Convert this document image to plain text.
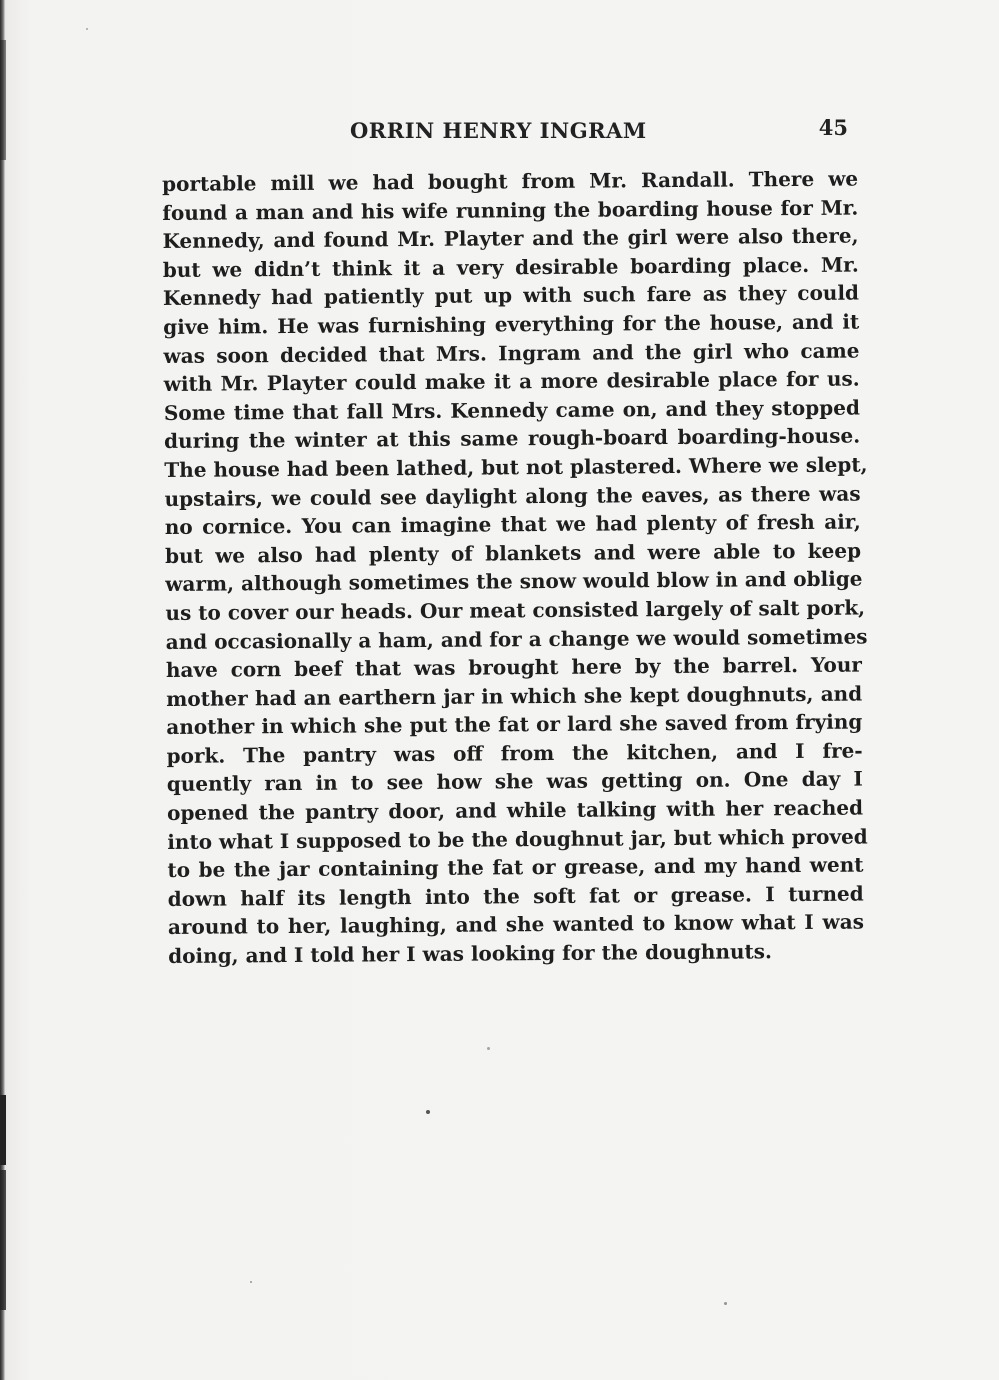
ORRIN HENRY INGRAM	45
portable mill we had bought from Mr. Randall. There we
found a man and his wife running the boarding house for Mr.
Kennedy, and found Mr. Playter and the girl were also there,
but we didn’t think it a very desirable boarding place. Mr.
Kennedy had patiently put up with such fare as they could
give him. He was furnishing everything for the house, and it
was soon decided that Mrs. Ingram and the girl who came
with Mr. Playter could make it a more desirable place for us.
Some time that fall Mrs. Kennedy came on, and they stopped
during the winter at this same rough-board boarding-house.
The house had been lathed, but not plastered. Where we slept,
upstairs, we could see daylight along the eaves, as there was
no cornice. You can imagine that we had plenty of fresh air,
but we also had plenty of blankets and were able to keep
warm, although sometimes the snow would blow in and oblige
us to cover our heads. Our meat consisted largely of salt pork,
and occasionally a ham, and for a change we would sometimes
have corn beef that was brought here by the barrel. Your
mother had an earthern jar in which she kept doughnuts, and
another in which she put the fat or lard she saved from frying
pork. The pantry was off from the kitchen, and I fre-
quently ran in to see how she was getting on. One day I
opened the pantry door, and while talking with her reached
into what I supposed to be the doughnut jar, but which proved
to be the jar containing the fat or grease, and my hand went
down half its length into the soft fat or grease. I turned
around to her, laughing, and she wanted to know what I was
doing, and I told her I was looking for the doughnuts.
